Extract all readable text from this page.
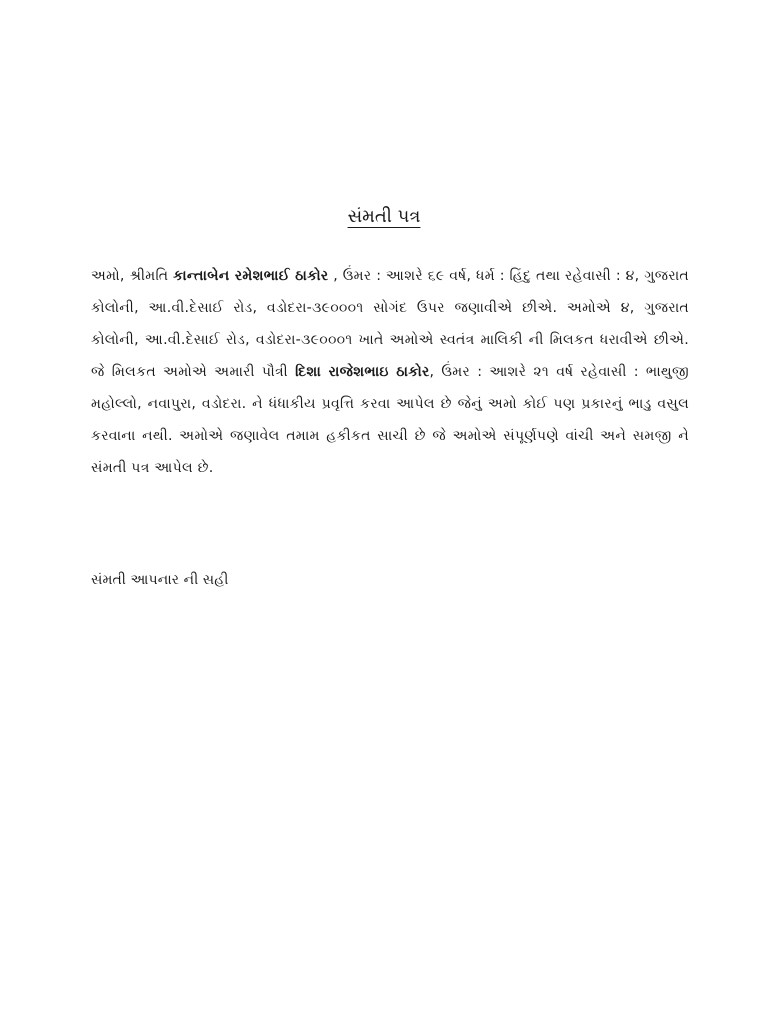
સંમતી પત્ર

અમો, શ્રીમતિ કાન્તાબેન રમેશભાઈ ઠાકોર , ઉંમર : આશરે ૬૯ વર્ષ, ધર્મ : હિંદુ તથા રહેવાસી : ૪, ગુજરાત કોલોની, આ.વી.દેસાઈ રોડ, વડોદરા-૩૯૦૦૦૧ સોગંદ ઉપર જણાવીએ છીએ. અમોએ ૪, ગુજરાત કોલોની, આ.વી.દેસાઈ રોડ, વડોદરા-૩૯૦૦૦૧ ખાતે અમોએ સ્વતંત્ર માલિકી ની મિલકત ધરાવીએ છીએ. જે મિલકત અમોએ અમારી પૌત્રી દિશા રાજેશભાઇ ઠાકોર, ઉંમર : આશરે ૨૧ વર્ષ રહેવાસી : ભાથુજી મહોલ્લો, નવાપુરા, વડોદરા. ને ધંધાકીય પ્રવૃત્તિ કરવા આપેલ છે જેનું અમો કોઈ પણ પ્રકારનું ભાડુ વસુલ કરવાના નથી. અમોએ જણાવેલ તમામ હકીકત સાચી છે જે અમોએ સંપૂર્ણપણે વાંચી અને સમજી ને સંમતી પત્ર આપેલ છે.

સંમતી આપનાર ની સહી
